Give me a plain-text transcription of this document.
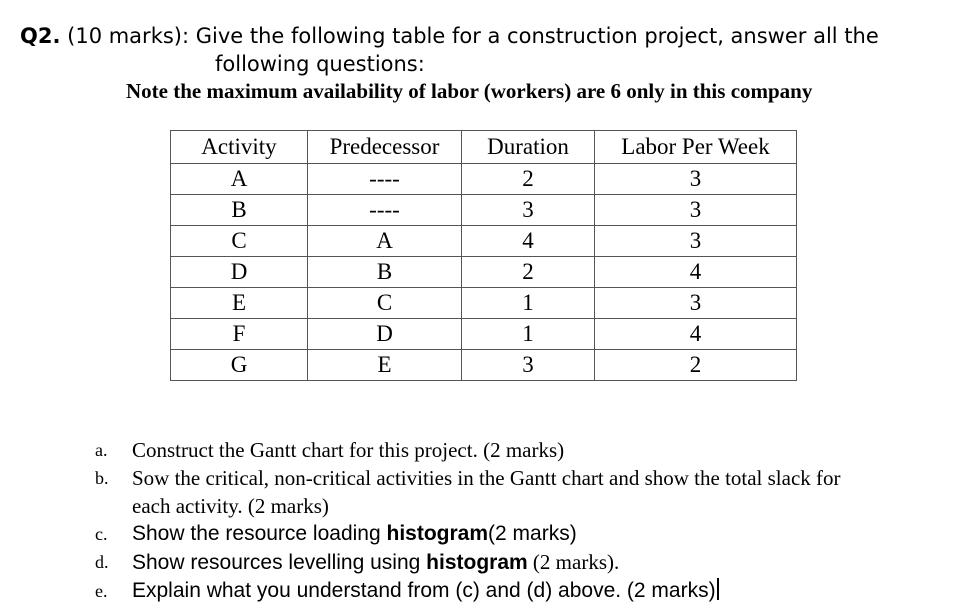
Q2. (10 marks): Give the following table for a construction project, answer all the
following questions:
Note the maximum availability of labor (workers) are 6 only in this company
Activity	Predecessor	Duration	Labor Per Week
A	----	2	3
B	----	3	3
C	A	4	3
D	B	2	4
E	C	1	3
F	D	1	4
G	E	3	2
a.	Construct the Gantt chart for this project. (2 marks)
b.	Sow the critical, non-critical activities in the Gantt chart and show the total slack for
each activity. (2 marks)
c.	Show the resource loading histogram(2 marks)
d.	Show resources levelling using histogram (2 marks).
e.	Explain what you understand from (c) and (d) above. (2 marks)
